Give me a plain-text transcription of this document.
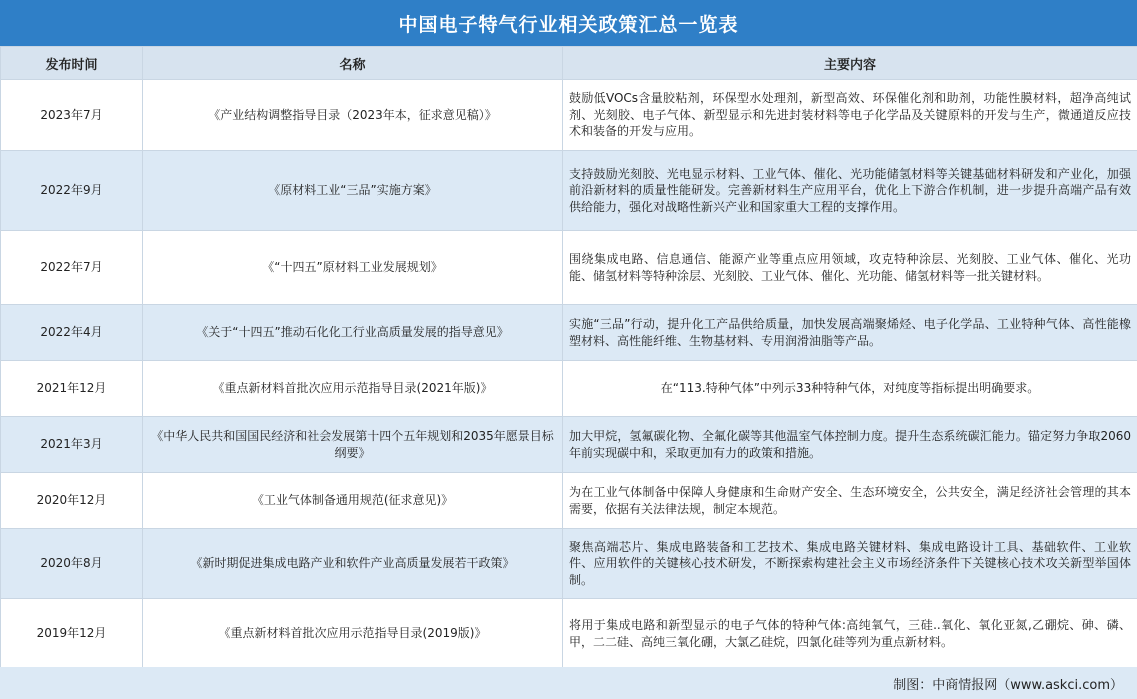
中国电子特气行业相关政策汇总一览表
发布时间	名称	主要内容
2023年7月	《产业结构调整指导目录（2023年本，征求意见稿）》	鼓励低VOCs含量胶粘剂，环保型水处理剂，新型高效、环保催化剂和助剂，功能性膜材料，超净高纯试剂、光刻胶、电子气体、新型显示和先进封装材料等电子化学品及关键原料的开发与生产，微通道反应技术和装备的开发与应用。
2022年9月	《原材料工业“三品”实施方案》	支持鼓励光刻胶、光电显示材料、工业气体、催化、光功能储氢材料等关键基础材料研发和产业化，加强前沿新材料的质量性能研发。完善新材料生产应用平台，优化上下游合作机制，进一步提升高端产品有效供给能力，强化对战略性新兴产业和国家重大工程的支撑作用。
2022年7月	《“十四五”原材料工业发展规划》	围绕集成电路、信息通信、能源产业等重点应用领域，攻克特种涂层、光刻胶、工业气体、催化、光功能、储氢材料等特种涂层、光刻胶、工业气体、催化、光功能、储氢材料等一批关键材料。
2022年4月	《关于“十四五”推动石化化工行业高质量发展的指导意见》	实施“三品”行动，提升化工产品供给质量，加快发展高端聚烯烃、电子化学品、工业特种气体、高性能橡塑材料、高性能纤维、生物基材料、专用润滑油脂等产品。
2021年12月	《重点新材料首批次应用示范指导目录(2021年版)》	在“113.特种气体”中列示33种特种气体，对纯度等指标提出明确要求。
2021年3月	《中华人民共和国国民经济和社会发展第十四个五年规划和2035年愿景目标纲要》	加大甲烷，氢氟碳化物、全氟化碳等其他温室气体控制力度。提升生态系统碳汇能力。锚定努力争取2060年前实现碳中和，采取更加有力的政策和措施。
2020年12月	《工业气体制备通用规范(征求意见)》	为在工业气体制备中保障人身健康和生命财产安全、生态环境安全，公共安全，满足经济社会管理的其本需要，依据有关法律法规，制定本规范。
2020年8月	《新时期促进集成电路产业和软件产业高质量发展若干政策》	聚焦高端芯片、集成电路装备和工艺技术、集成电路关键材料、集成电路设计工具、基础软件、工业软件、应用软件的关键核心技术研发，不断探索构建社会主义市场经济条件下关键核心技术攻关新型举国体制。
2019年12月	《重点新材料首批次应用示范指导目录(2019版)》	将用于集成电路和新型显示的电子气体的特种气体:高纯氧气，三硅..氧化、氧化亚氮,乙硼烷、砷、磷、甲，二二硅、高纯三氧化硼，大氯乙硅烷，四氯化硅等列为重点新材料。
制图：中商情报网（www.askci.com）
